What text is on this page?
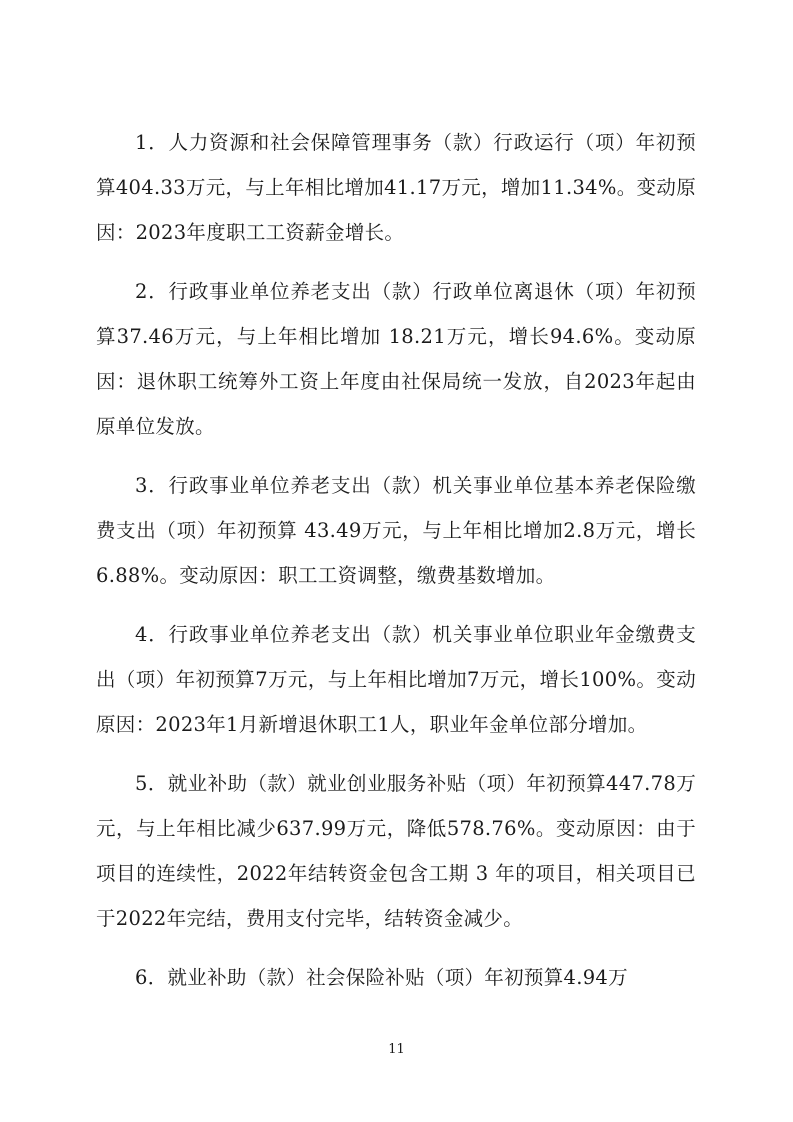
1．人力资源和社会保障管理事务（款）行政运行（项）年初预算404.33万元，与上年相比增加41.17万元，增加11.34%。变动原因：2023年度职工工资薪金增长。

2．行政事业单位养老支出（款）行政单位离退休（项）年初预算37.46万元，与上年相比增加 18.21万元，增长94.6%。变动原因：退休职工统筹外工资上年度由社保局统一发放，自2023年起由原单位发放。

3．行政事业单位养老支出（款）机关事业单位基本养老保险缴费支出（项）年初预算 43.49万元，与上年相比增加2.8万元，增长6.88%。变动原因：职工工资调整，缴费基数增加。

4．行政事业单位养老支出（款）机关事业单位职业年金缴费支出（项）年初预算7万元，与上年相比增加7万元，增长100%。变动原因：2023年1月新增退休职工1人，职业年金单位部分增加。

5．就业补助（款）就业创业服务补贴（项）年初预算447.78万元，与上年相比减少637.99万元，降低578.76%。变动原因：由于项目的连续性，2022年结转资金包含工期 3 年的项目，相关项目已于2022年完结，费用支付完毕，结转资金减少。

6．就业补助（款）社会保险补贴（项）年初预算4.94万

11
